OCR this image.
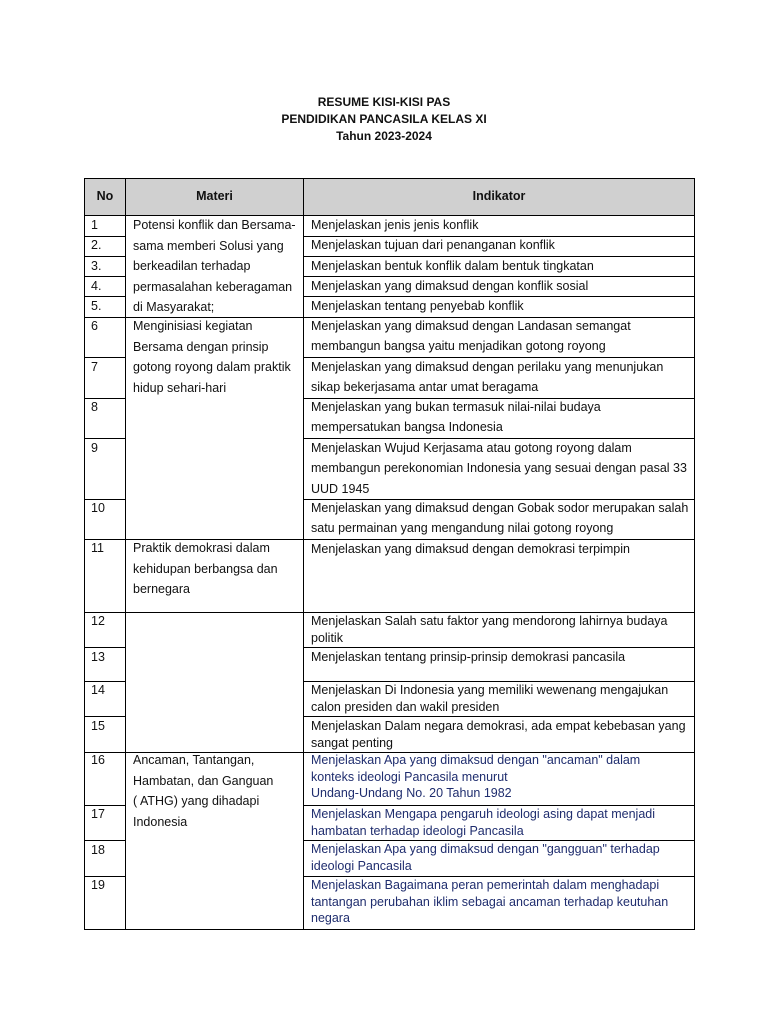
RESUME KISI-KISI PAS
PENDIDIKAN PANCASILA KELAS XI
Tahun 2023-2024
No	Materi	Indikator
Potensi konflik dan Bersama-
sama memberi Solusi yang
berkeadilan terhadap
permasalahan keberagaman
di Masyarakat;
Menginisiasi kegiatan
Bersama dengan prinsip
gotong royong dalam praktik
hidup sehari-hari
Praktik demokrasi dalam
kehidupan berbangsa dan
bernegara
Ancaman, Tantangan,
Hambatan, dan Ganguan
( ATHG) yang dihadapi
Indonesia
1
2.
3.
4.
5.
6
7
8
9
10
11
12
13
14
15
16
17
18
19
Menjelaskan jenis jenis konflik
Menjelaskan tujuan dari penanganan konflik
Menjelaskan bentuk konflik dalam bentuk tingkatan
Menjelaskan yang dimaksud dengan konflik sosial
Menjelaskan tentang penyebab konflik
Menjelaskan yang dimaksud dengan Landasan semangat
membangun bangsa yaitu menjadikan gotong royong
Menjelaskan yang dimaksud dengan perilaku yang menunjukan
sikap bekerjasama antar umat beragama
Menjelaskan yang bukan termasuk nilai-nilai budaya
mempersatukan bangsa Indonesia
Menjelaskan Wujud Kerjasama atau gotong royong dalam
membangun perekonomian Indonesia yang sesuai dengan pasal 33
UUD 1945
Menjelaskan yang dimaksud dengan Gobak sodor merupakan salah
satu permainan yang mengandung nilai gotong royong
Menjelaskan yang dimaksud dengan demokrasi terpimpin
Menjelaskan Salah satu faktor yang mendorong lahirnya budaya
politik
Menjelaskan tentang prinsip-prinsip demokrasi pancasila
Menjelaskan Di Indonesia yang memiliki wewenang mengajukan
calon presiden dan wakil presiden
Menjelaskan Dalam negara demokrasi, ada empat kebebasan yang
sangat penting
Menjelaskan Apa yang dimaksud dengan "ancaman" dalam
konteks ideologi Pancasila menurut
Undang-Undang No. 20 Tahun 1982
Menjelaskan Mengapa pengaruh ideologi asing dapat menjadi
hambatan terhadap ideologi Pancasila
Menjelaskan Apa yang dimaksud dengan "gangguan" terhadap
ideologi Pancasila
Menjelaskan Bagaimana peran pemerintah dalam menghadapi
tantangan perubahan iklim sebagai ancaman terhadap keutuhan
negara
